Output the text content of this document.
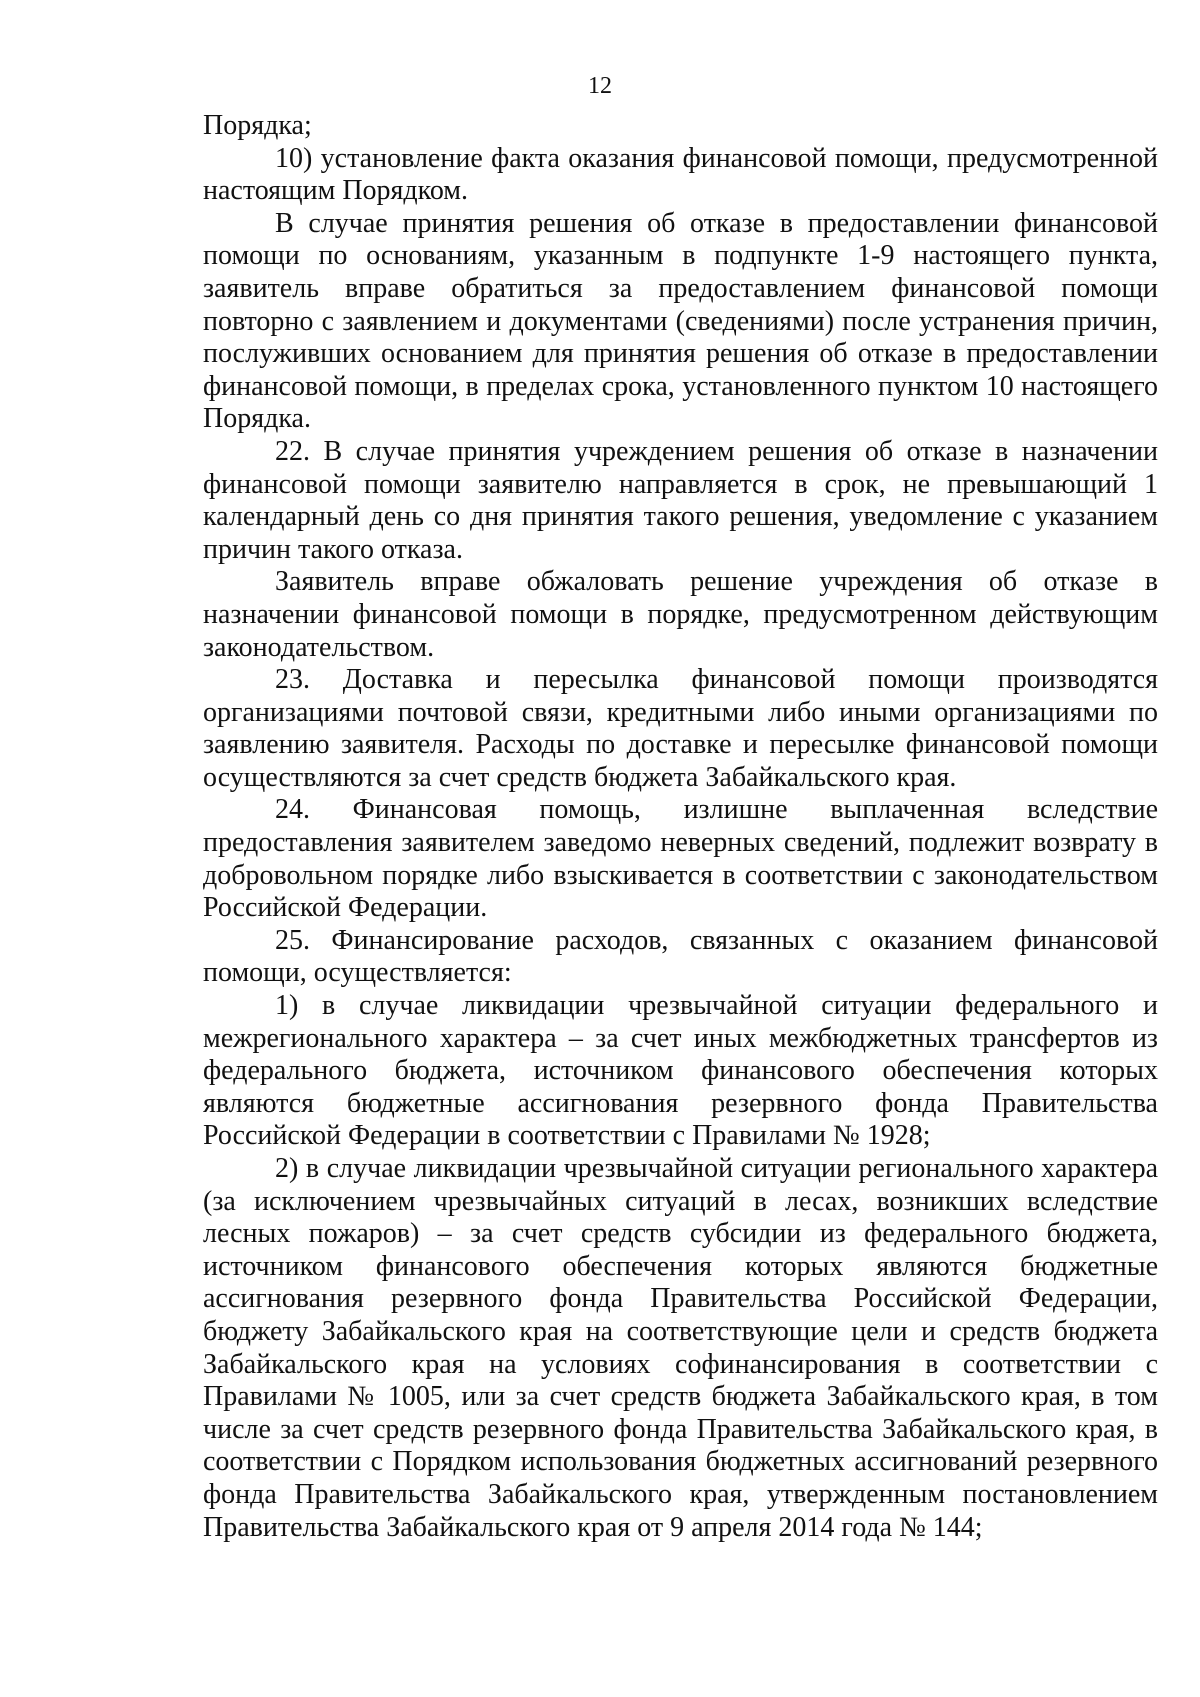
12

Порядка;

10) установление факта оказания финансовой помощи, предусмотренной настоящим Порядком.

В случае принятия решения об отказе в предоставлении финансовой помощи по основаниям, указанным в подпункте 1-9 настоящего пункта, заявитель вправе обратиться за предоставлением финансовой помощи повторно с заявлением и документами (сведениями) после устранения причин, послуживших основанием для принятия решения об отказе в предоставлении финансовой помощи, в пределах срока, установленного пунктом 10 настоящего Порядка.

22. В случае принятия учреждением решения об отказе в назначении финансовой помощи заявителю направляется в срок, не превышающий 1 календарный день со дня принятия такого решения, уведомление с указанием причин такого отказа.

Заявитель вправе обжаловать решение учреждения об отказе в назначении финансовой помощи в порядке, предусмотренном действующим законодательством.

23. Доставка и пересылка финансовой помощи производятся организациями почтовой связи, кредитными либо иными организациями по заявлению заявителя. Расходы по доставке и пересылке финансовой помощи осуществляются за счет средств бюджета Забайкальского края.

24. Финансовая помощь, излишне выплаченная вследствие предоставления заявителем заведомо неверных сведений, подлежит возврату в добровольном порядке либо взыскивается в соответствии с законодательством Российской Федерации.

25. Финансирование расходов, связанных с оказанием финансовой помощи, осуществляется:

1) в случае ликвидации чрезвычайной ситуации федерального и межрегионального характера – за счет иных межбюджетных трансфертов из федерального бюджета, источником финансового обеспечения которых являются бюджетные ассигнования резервного фонда Правительства Российской Федерации в соответствии с Правилами № 1928;

2) в случае ликвидации чрезвычайной ситуации регионального характера (за исключением чрезвычайных ситуаций в лесах, возникших вследствие лесных пожаров) – за счет средств субсидии из федерального бюджета, источником финансового обеспечения которых являются бюджетные ассигнования резервного фонда Правительства Российской Федерации, бюджету Забайкальского края на соответствующие цели и средств бюджета Забайкальского края на условиях софинансирования в соответствии с Правилами № 1005, или за счет средств бюджета Забайкальского края, в том числе за счет средств резервного фонда Правительства Забайкальского края, в соответствии с Порядком использования бюджетных ассигнований резервного фонда Правительства Забайкальского края, утвержденным постановлением Правительства Забайкальского края от 9 апреля 2014 года № 144;
